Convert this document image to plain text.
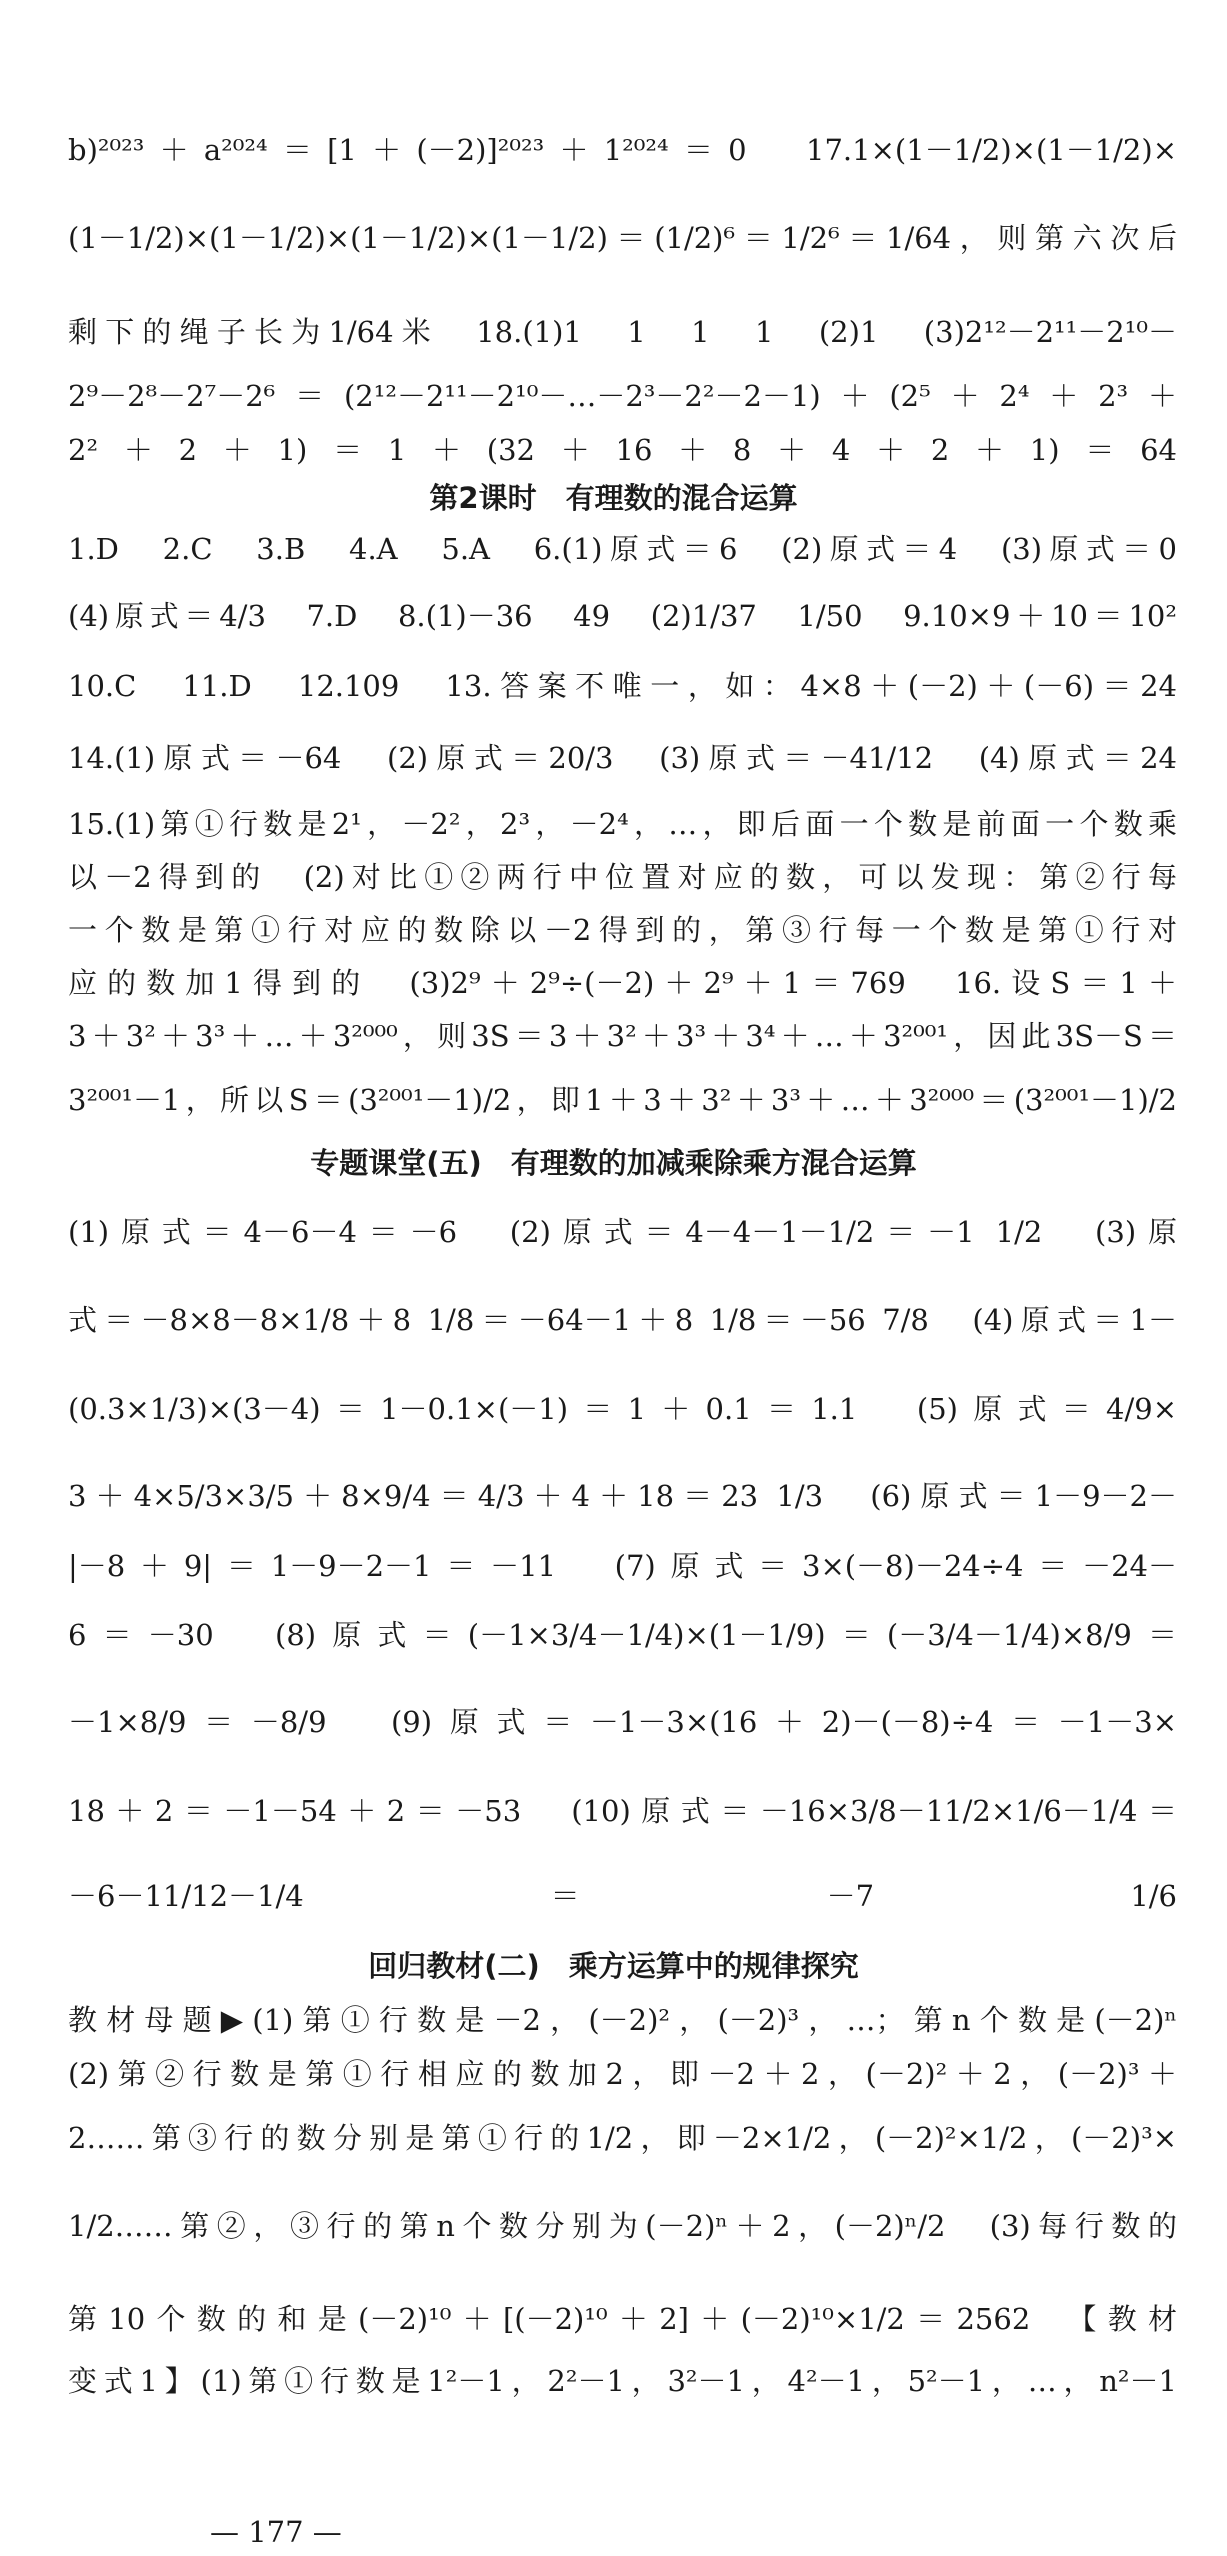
b)²⁰²³＋a²⁰²⁴＝[1＋(－2)]²⁰²³＋1²⁰²⁴＝0　17.1×(1－1/2)×(1－1/2)×
(1－1/2)×(1－1/2)×(1－1/2)×(1－1/2)＝(1/2)⁶＝1/2⁶＝1/64，则第六次后
剩下的绳子长为1/64米　18.(1)1　1　1　1　(2)1　(3)2¹²－2¹¹－2¹⁰－
2⁹－2⁸－2⁷－2⁶＝(2¹²－2¹¹－2¹⁰－…－2³－2²－2－1)＋(2⁵＋2⁴＋2³＋
2²＋2＋1)＝1＋(32＋16＋8＋4＋2＋1)＝64
第2课时　有理数的混合运算
1.D　2.C　3.B　4.A　5.A　6.(1)原式＝6　(2)原式＝4　(3)原式＝0
(4)原式＝4/3　7.D　8.(1)－36　49　(2)1/37　1/50　9.10×9＋10＝10²
10.C　11.D　12.109　13.答案不唯一，如：4×8＋(－2)＋(－6)＝24
14.(1)原式＝－64　(2)原式＝20/3　(3)原式＝－41/12　(4)原式＝24
15.(1)第①行数是2¹，－2²，2³，－2⁴，…，即后面一个数是前面一个数乘
以－2得到的　(2)对比①②两行中位置对应的数，可以发现：第②行每
一个数是第①行对应的数除以－2得到的，第③行每一个数是第①行对
应的数加1得到的　(3)2⁹＋2⁹÷(－2)＋2⁹＋1＝769　16.设S＝1＋
3＋3²＋3³＋…＋3²⁰⁰⁰，则3S＝3＋3²＋3³＋3⁴＋…＋3²⁰⁰¹，因此3S－S＝
3²⁰⁰¹－1，所以S＝(3²⁰⁰¹－1)/2，即1＋3＋3²＋3³＋…＋3²⁰⁰⁰＝(3²⁰⁰¹－1)/2
专题课堂(五)　有理数的加减乘除乘方混合运算
(1)原式＝4－6－4＝－6　(2)原式＝4－4－1－1/2＝－1 1/2　(3)原
式＝－8×8－8×1/8＋8 1/8＝－64－1＋8 1/8＝－56 7/8　(4)原式＝1－
(0.3×1/3)×(3－4)＝1－0.1×(－1)＝1＋0.1＝1.1　(5)原式＝4/9×
3＋4×5/3×3/5＋8×9/4＝4/3＋4＋18＝23 1/3　(6)原式＝1－9－2－
|－8＋9|＝1－9－2－1＝－11　(7)原式＝3×(－8)－24÷4＝－24－
6＝－30　(8)原式＝(－1×3/4－1/4)×(1－1/9)＝(－3/4－1/4)×8/9＝
－1×8/9＝－8/9　(9)原式＝－1－3×(16＋2)－(－8)÷4＝－1－3×
18＋2＝－1－54＋2＝－53　(10)原式＝－16×3/8－11/2×1/6－1/4＝
－6－11/12－1/4＝－7 1/6
回归教材(二)　乘方运算中的规律探究
教材母题▶(1)第①行数是－2，(－2)²，(－2)³，…；第n个数是(－2)ⁿ
(2)第②行数是第①行相应的数加2，即－2＋2，(－2)²＋2，(－2)³＋
2……第③行的数分别是第①行的1/2，即－2×1/2，(－2)²×1/2，(－2)³×
1/2……第②，③行的第n个数分别为(－2)ⁿ＋2，(－2)ⁿ/2　(3)每行数的
第10个数的和是(－2)¹⁰＋[(－2)¹⁰＋2]＋(－2)¹⁰×1/2＝2562　【教材
变式1】(1)第①行数是1²－1，2²－1，3²－1，4²－1，5²－1，…，n²－1
— 177 —
